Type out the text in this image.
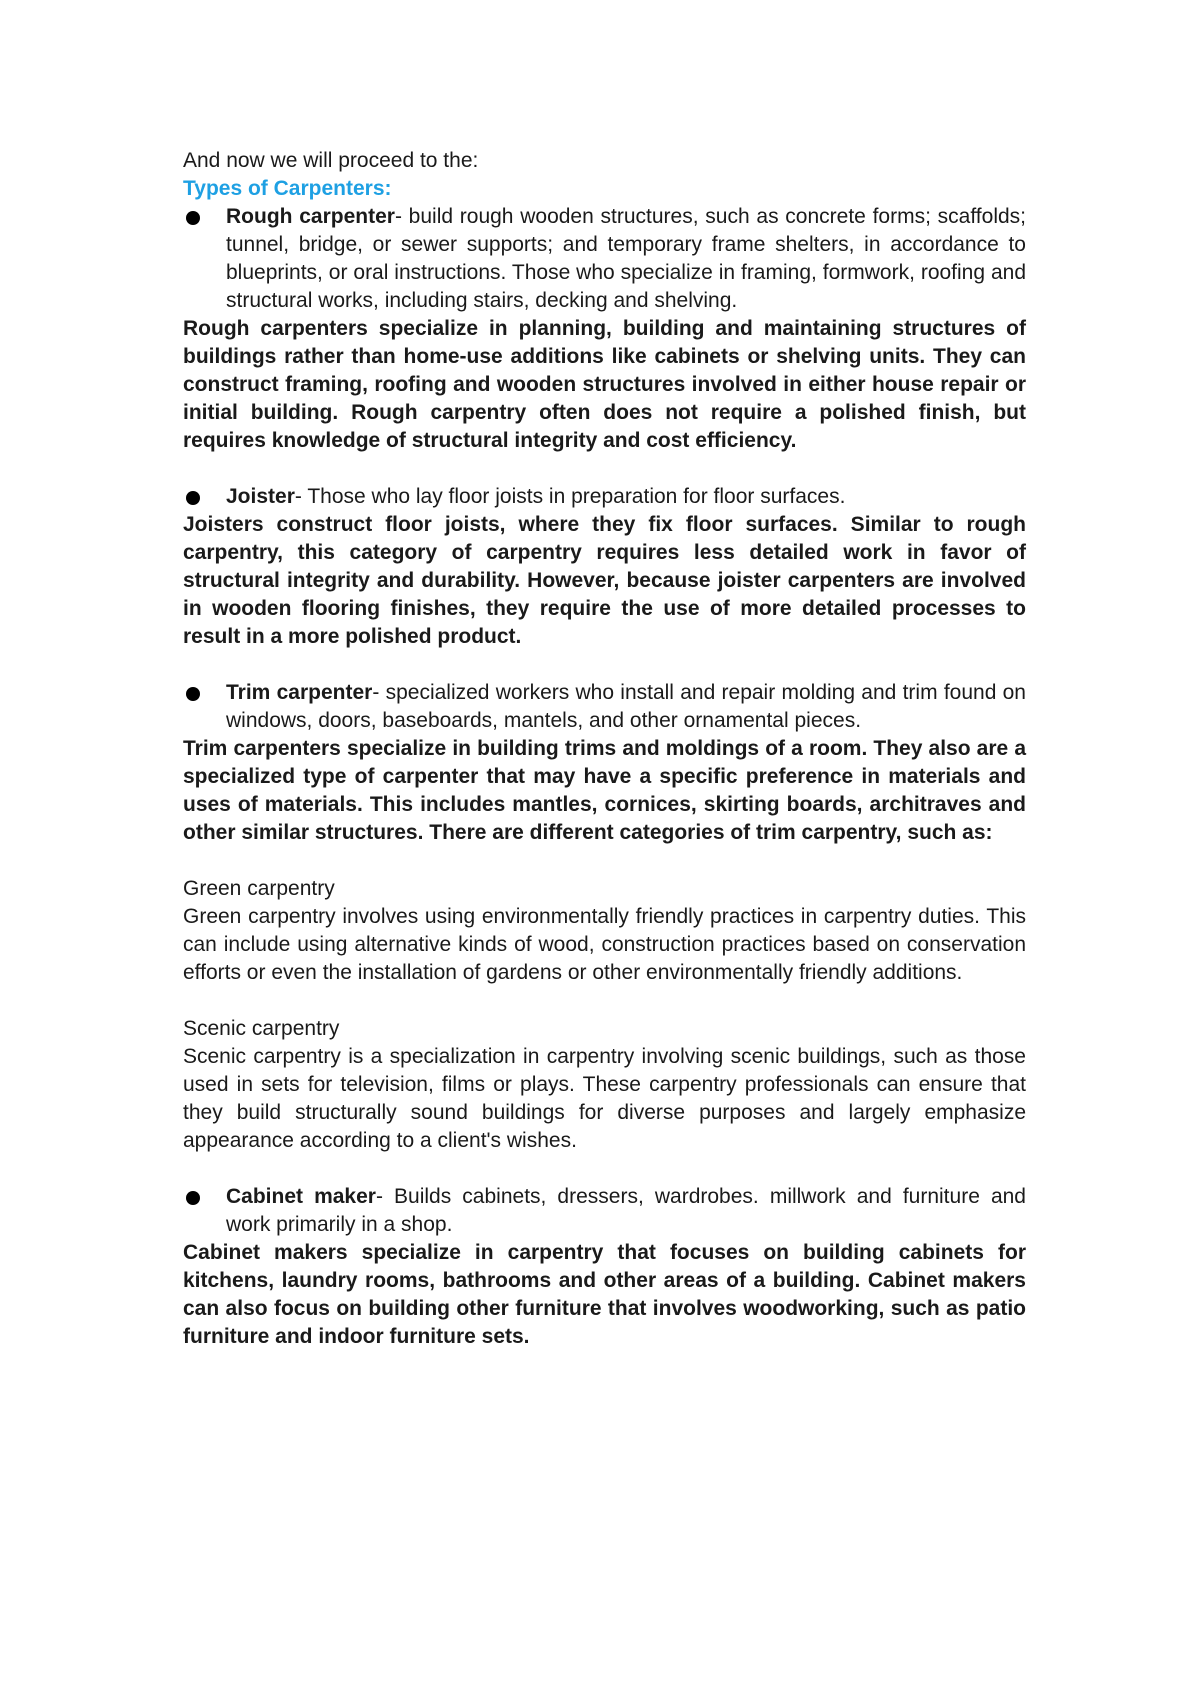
And now we will proceed to the:

Types of Carpenters:

Rough carpenter- build rough wooden structures, such as concrete forms; scaffolds; tunnel, bridge, or sewer supports; and temporary frame shelters, in accordance to blueprints, or oral instructions. Those who specialize in framing, formwork, roofing and structural works, including stairs, decking and shelving.

Rough carpenters specialize in planning, building and maintaining structures of buildings rather than home-use additions like cabinets or shelving units. They can construct framing, roofing and wooden structures involved in either house repair or initial building. Rough carpentry often does not require a polished finish, but requires knowledge of structural integrity and cost efficiency.

Joister- Those who lay floor joists in preparation for floor surfaces.

Joisters construct floor joists, where they fix floor surfaces. Similar to rough carpentry, this category of carpentry requires less detailed work in favor of structural integrity and durability. However, because joister carpenters are involved in wooden flooring finishes, they require the use of more detailed processes to result in a more polished product.

Trim carpenter- specialized workers who install and repair molding and trim found on windows, doors, baseboards, mantels, and other ornamental pieces.

Trim carpenters specialize in building trims and moldings of a room. They also are a specialized type of carpenter that may have a specific preference in materials and uses of materials. This includes mantles, cornices, skirting boards, architraves and other similar structures. There are different categories of trim carpentry, such as:

Green carpentry

Green carpentry involves using environmentally friendly practices in carpentry duties. This can include using alternative kinds of wood, construction practices based on conservation efforts or even the installation of gardens or other environmentally friendly additions.

Scenic carpentry

Scenic carpentry is a specialization in carpentry involving scenic buildings, such as those used in sets for television, films or plays. These carpentry professionals can ensure that they build structurally sound buildings for diverse purposes and largely emphasize appearance according to a client's wishes.

Cabinet maker- Builds cabinets, dressers, wardrobes. millwork and furniture and work primarily in a shop.

Cabinet makers specialize in carpentry that focuses on building cabinets for kitchens, laundry rooms, bathrooms and other areas of a building. Cabinet makers can also focus on building other furniture that involves woodworking, such as patio furniture and indoor furniture sets.
